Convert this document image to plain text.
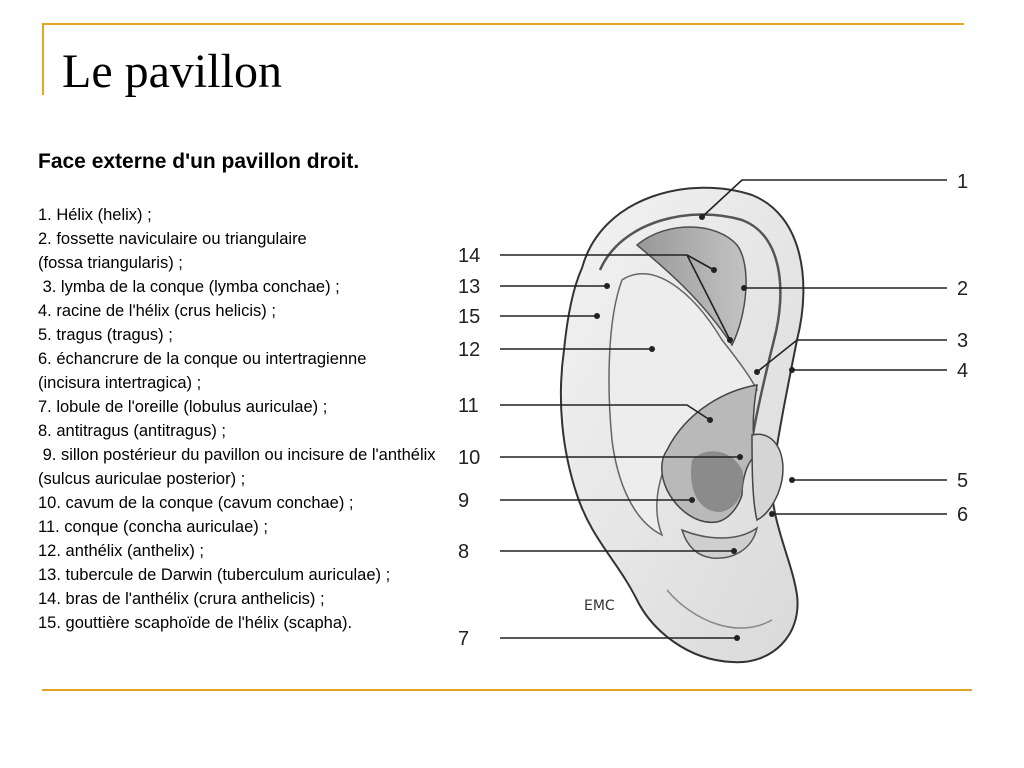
Le pavillon
Face externe d'un pavillon droit.
1. Hélix (helix) ;
2. fossette naviculaire ou triangulaire
(fossa triangularis) ;
3. lymba de la conque (lymba conchae) ;
4. racine de l'hélix (crus helicis) ;
5. tragus (tragus) ;
6. échancrure de la conque ou intertragienne
(incisura intertragica) ;
7. lobule de l'oreille (lobulus auriculae) ;
8. antitragus (antitragus) ;
9. sillon postérieur du pavillon ou incisure de l'anthélix
(sulcus auriculae posterior) ;
10. cavum de la conque (cavum conchae) ;
11. conque (concha auriculae) ;
12. anthélix (anthelix) ;
13. tubercule de Darwin (tuberculum auriculae) ;
14. bras de l'anthélix (crura anthelicis) ;
15. gouttière scaphoïde de l'hélix (scapha).
EMC
1
2
3
4
5
6
14
13
15
12
11
10
9
8
7
